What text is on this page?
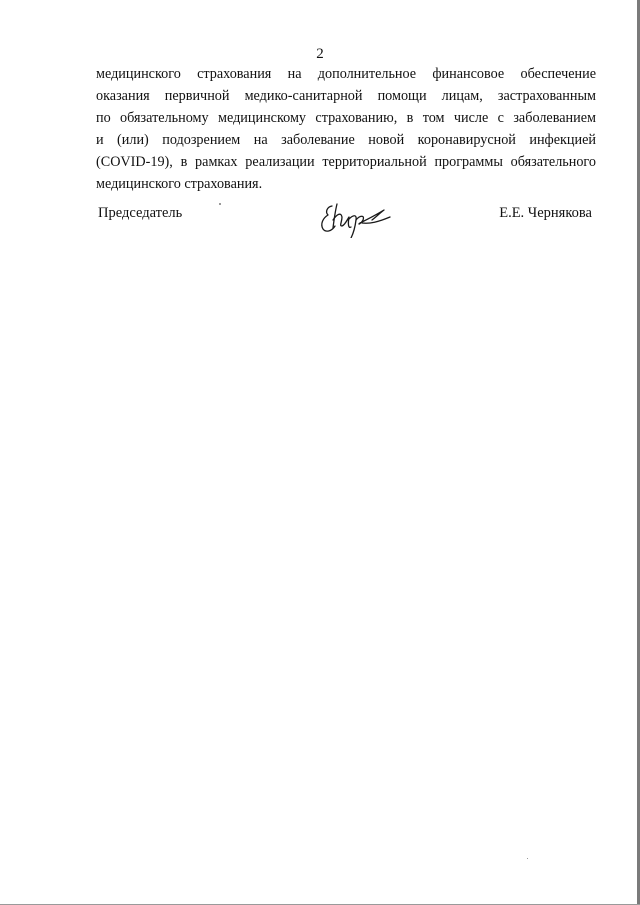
2

медицинского страхования на дополнительное финансовое обеспечение
оказания первичной медико-санитарной помощи лицам, застрахованным
по обязательному медицинскому страхованию, в том числе с заболеванием
и (или) подозрением на заболевание новой коронавирусной инфекцией
(COVID-19), в рамках реализации территориальной программы обязательного
медицинского страхования.

Председатель	Е.Е. Чернякова
